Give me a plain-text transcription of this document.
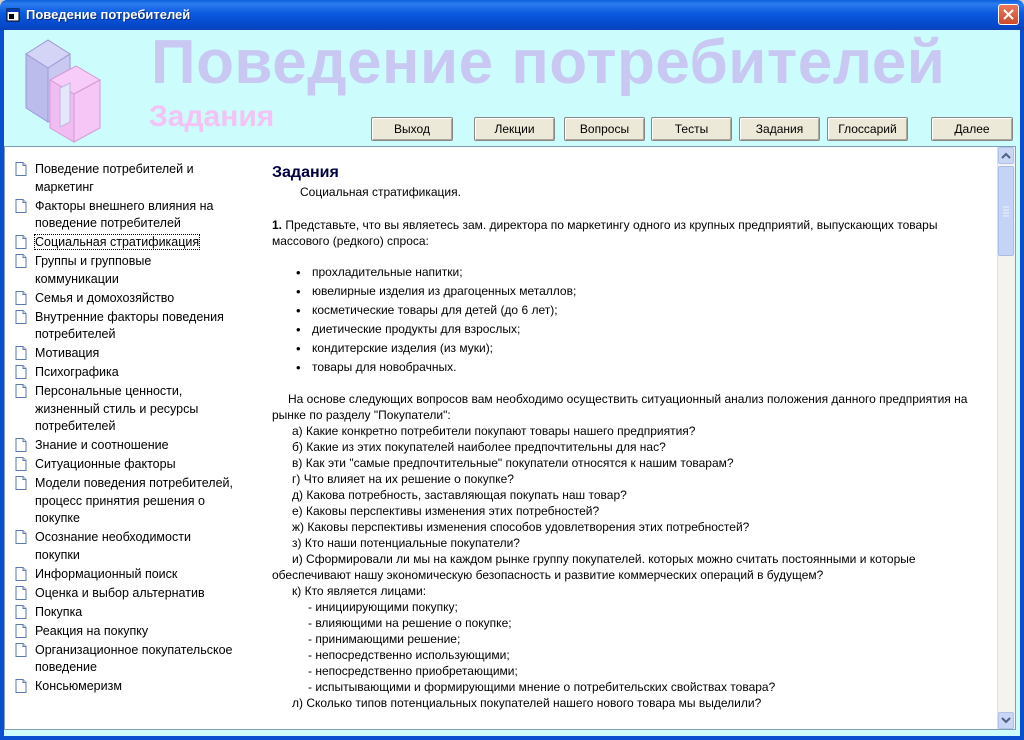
Поведение потребителей
Поведение потребителей
Задания	Выход	Лекции	Вопросы	Тесты	Задания	Глоссарий	Далее
Поведение потребителей и маркетинг
Факторы внешнего влияния на поведение потребителей
Социальная стратификация
Группы и групповые коммуникации
Семья и домохозяйство
Внутренние факторы поведения потребителей
Мотивация
Психографика
Персональные ценности, жизненный стиль и ресурсы потребителей
Знание и соотношение
Ситуационные факторы
Модели поведения потребителей, процесс принятия решения о покупке
Осознание необходимости покупки
Информационный поиск
Оценка и выбор альтернатив
Покупка
Реакция на покупку
Организационное покупательское поведение
Консьюмеризм
Задания

Социальная стратификация.

1. Представьте, что вы являетесь зам. директора по маркетингу одного из крупных предприятий, выпускающих товары массового (редкого) спроса:

• прохладительные напитки;
• ювелирные изделия из драгоценных металлов;
• косметические товары для детей (до 6 лет);
• диетические продукты для взрослых;
• кондитерские изделия (из муки);
• товары для новобрачных.

На основе следующих вопросов вам необходимо осуществить ситуационный анализ положения данного предприятия на рынке по разделу "Покупатели":

а) Какие конкретно потребители покупают товары нашего предприятия?

б) Какие из этих покупателей наиболее предпочтительны для нас?

в) Как эти "самые предпочтительные" покупатели относятся к нашим товарам?

г) Что влияет на их решение о покупке?

д) Какова потребность, заставляющая покупать наш товар?

е) Каковы перспективы изменения этих потребностей?

ж) Каковы перспективы изменения способов удовлетворения этих потребностей?

з) Кто наши потенциальные покупатели?

и) Сформировали ли мы на каждом рынке группу покупателей. которых можно считать постоянными и которые обеспечивают нашу экономическую безопасность и развитие коммерческих операций в будущем?

к) Кто является лицами:

- инициирующими покупку;

- влияющими на решение о покупке;

- принимающими решение;

- непосредственно использующими;

- непосредственно приобретающими;

- испытывающими и формирующими мнение о потребительских свойствах товара?

л) Сколько типов потенциальных покупателей нашего нового товара мы выделили?
